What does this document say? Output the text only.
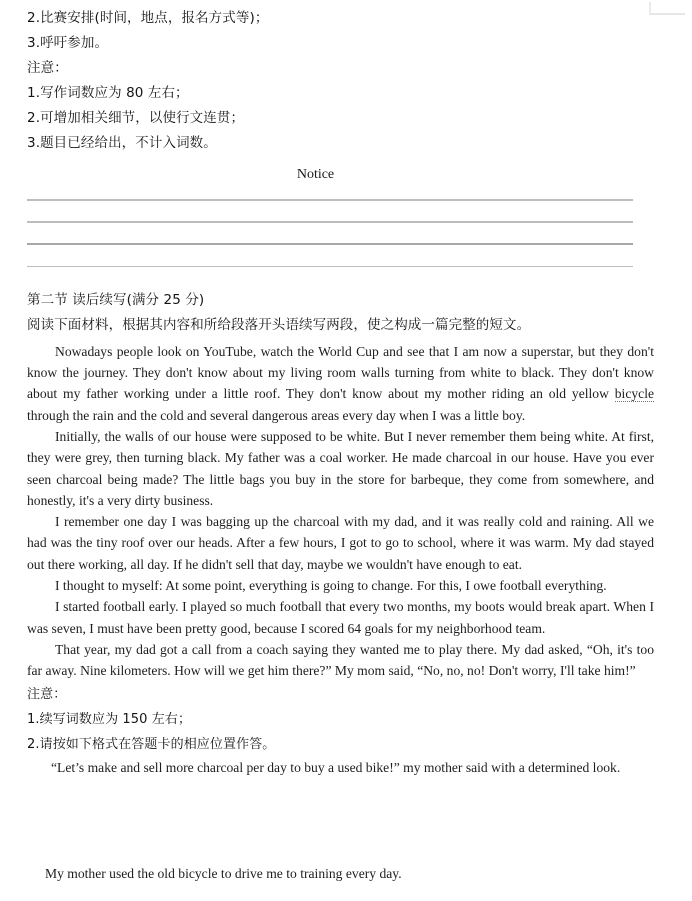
2.比赛安排(时间，地点，报名方式等)；
3.呼吁参加。
注意：
1.写作词数应为 80 左右；
2.可增加相关细节，以使行文连贯；
3.题目已经给出，不计入词数。
Notice
第二节 读后续写(满分 25 分)
阅读下面材料，根据其内容和所给段落开头语续写两段，使之构成一篇完整的短文。

Nowadays people look on YouTube, watch the World Cup and see that I am now a superstar, but they don't know the journey. They don't know about my living room walls turning from white to black. They don't know about my father working under a little roof. They don't know about my mother riding an old yellow bicycle through the rain and the cold and several dangerous areas every day when I was a little boy.

Initially, the walls of our house were supposed to be white. But I never remember them being white. At first, they were grey, then turning black. My father was a coal worker. He made charcoal in our house. Have you ever seen charcoal being made? The little bags you buy in the store for barbeque, they come from somewhere, and honestly, it's a very dirty business.

I remember one day I was bagging up the charcoal with my dad, and it was really cold and raining. All we had was the tiny roof over our heads. After a few hours, I got to go to school, where it was warm. My dad stayed out there working, all day. If he didn't sell that day, maybe we wouldn't have enough to eat.

I thought to myself: At some point, everything is going to change. For this, I owe football everything.

I started football early. I played so much football that every two months, my boots would break apart. When I was seven, I must have been pretty good, because I scored 64 goals for my neighborhood team.

That year, my dad got a call from a coach saying they wanted me to play there. My dad asked, “Oh, it's too far away. Nine kilometers. How will we get him there?” My mom said, “No, no, no! Don't worry, I'll take him!”

注意：
1.续写词数应为 150 左右；
2.请按如下格式在答题卡的相应位置作答。

“Let’s make and sell more charcoal per day to buy a used bike!” my mother said with a determined look.

My mother used the old bicycle to drive me to training every day.
